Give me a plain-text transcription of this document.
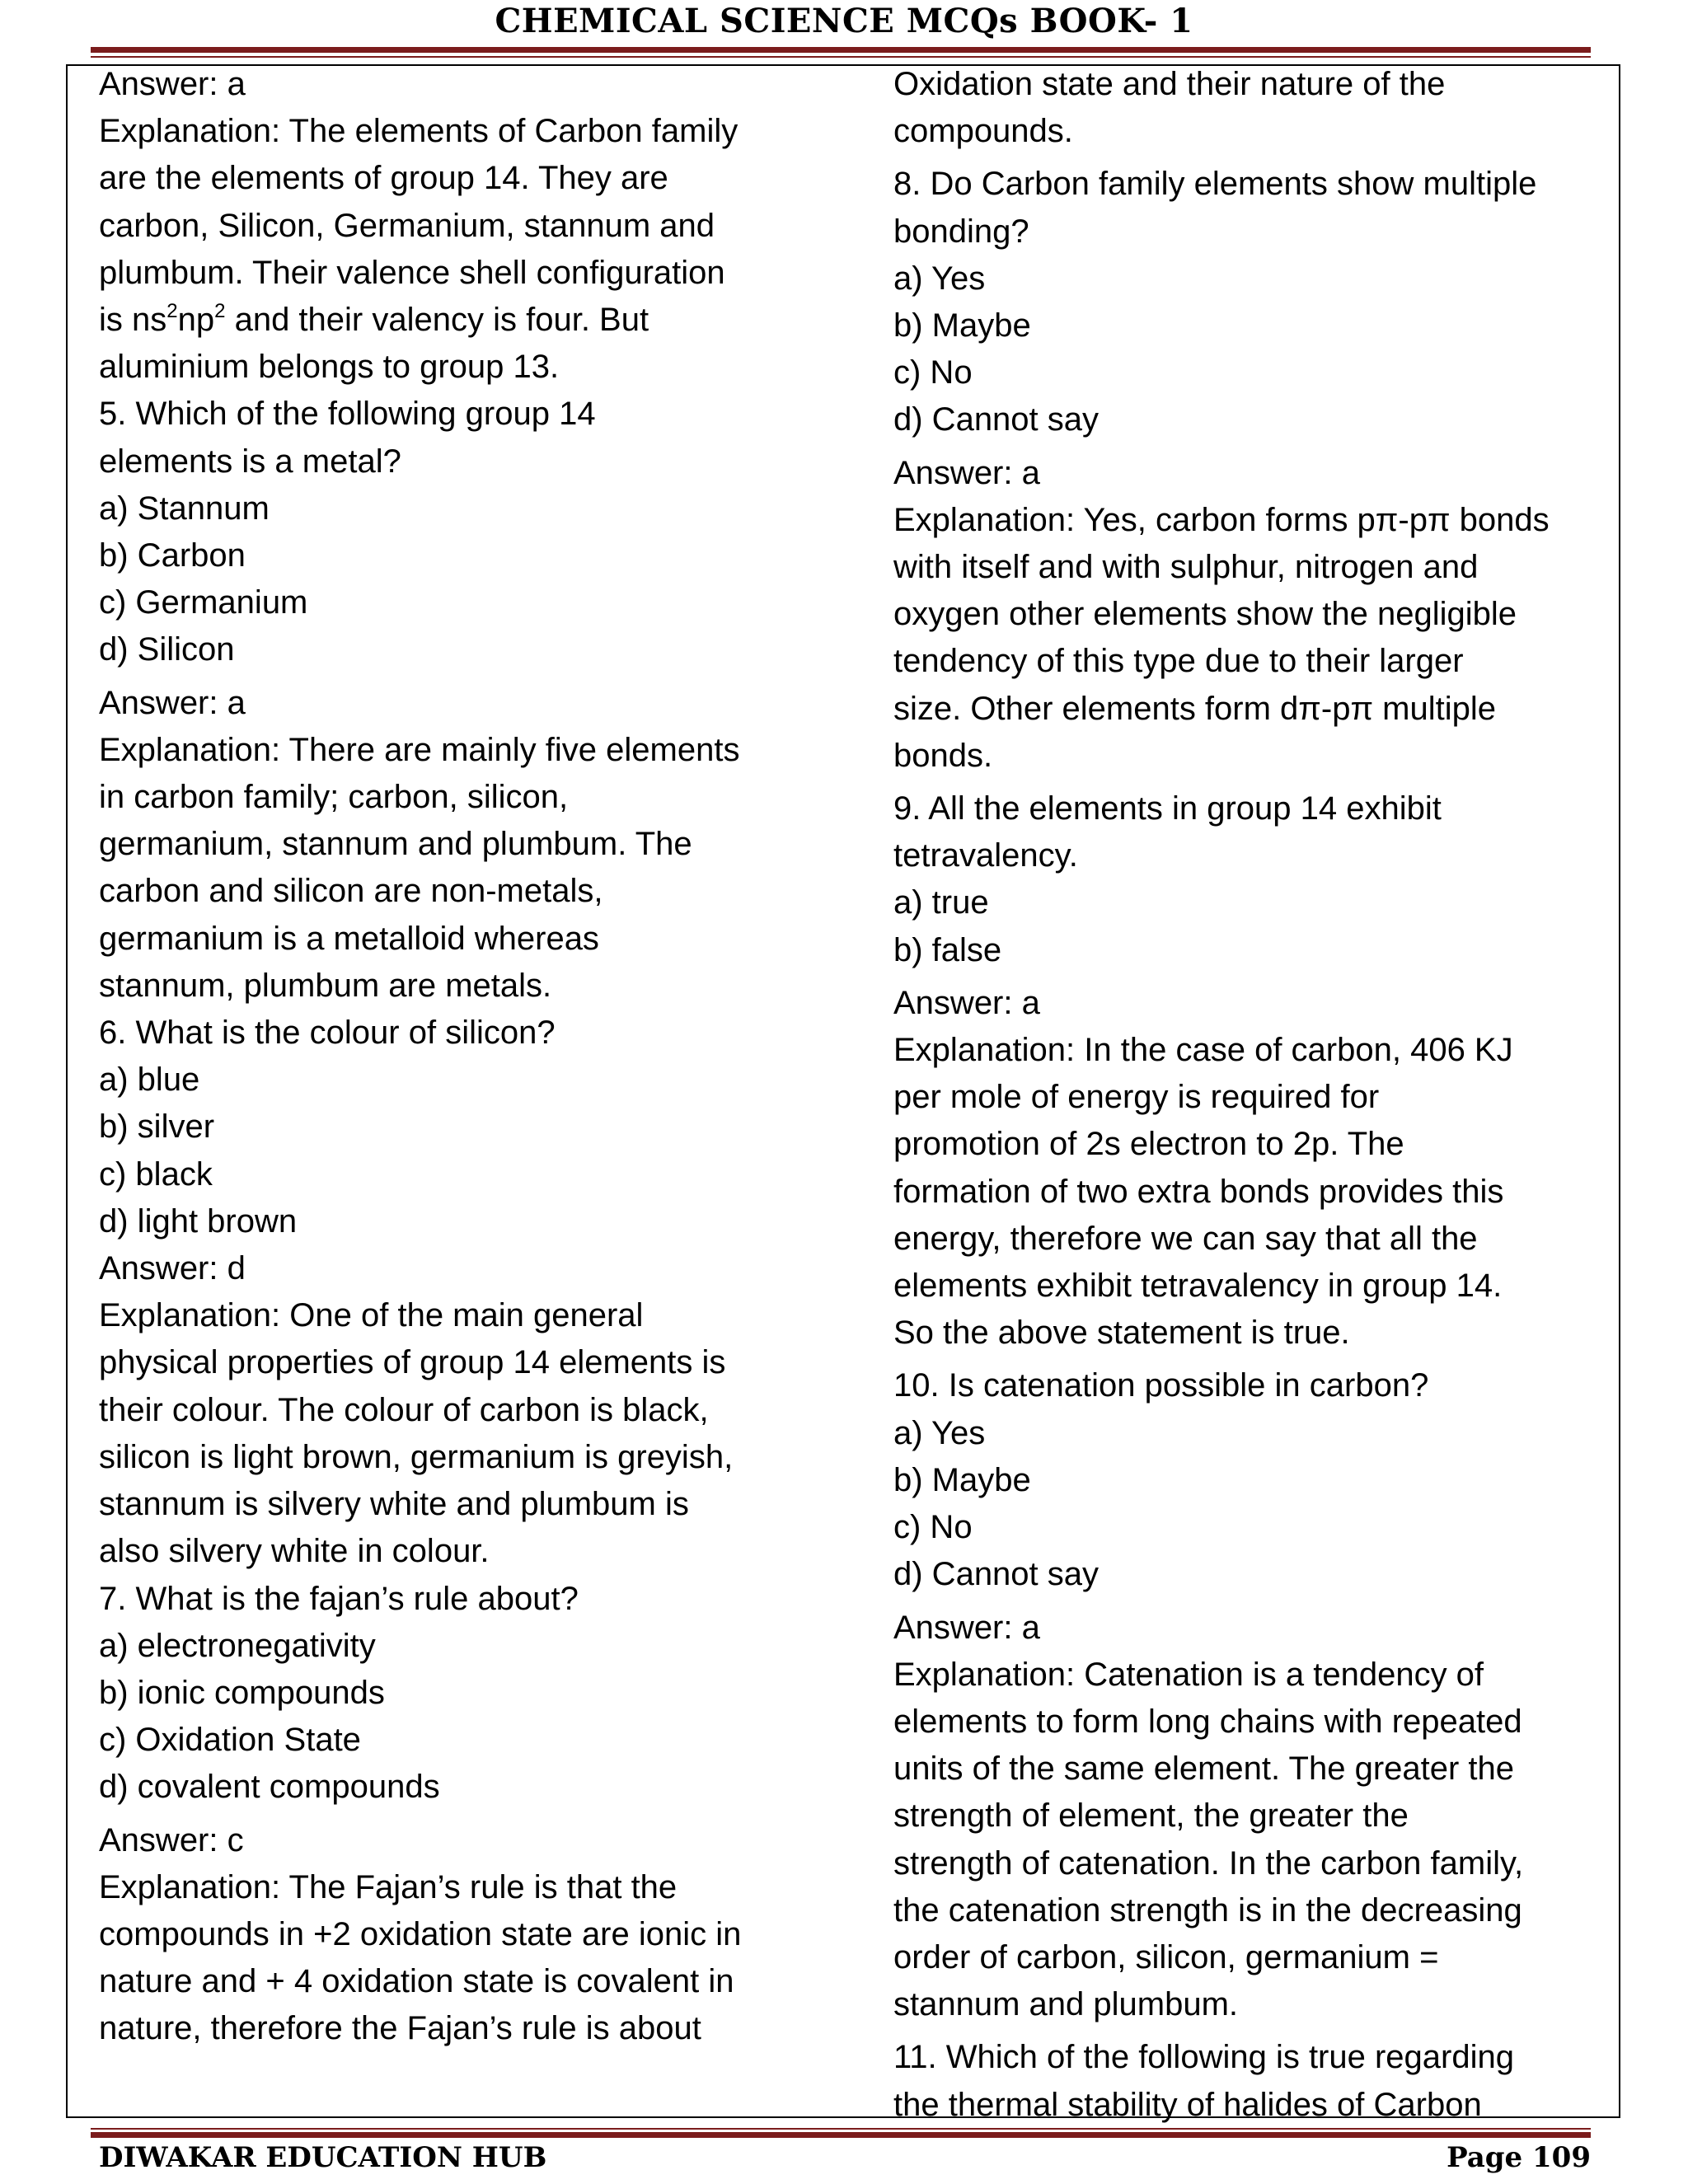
CHEMICAL SCIENCE MCQs BOOK- 1
Answer: a
Explanation: The elements of Carbon family
are the elements of group 14. They are
carbon, Silicon, Germanium, stannum and
plumbum. Their valence shell configuration
is $ns^2np^2$ and their valency is four. But
aluminium belongs to group 13.
5. Which of the following group 14
elements is a metal?
a) Stannum
b) Carbon
c) Germanium
d) Silicon
Answer: a
Explanation: There are mainly five elements
in carbon family; carbon, silicon,
germanium, stannum and plumbum. The
carbon and silicon are non-metals,
germanium is a metalloid whereas
stannum, plumbum are metals.
6. What is the colour of silicon?
a) blue
b) silver
c) black
d) light brown
Answer: d
Explanation: One of the main general
physical properties of group 14 elements is
their colour. The colour of carbon is black,
silicon is light brown, germanium is greyish,
stannum is silvery white and plumbum is
also silvery white in colour.
7. What is the fajan’s rule about?
a) electronegativity
b) ionic compounds
c) Oxidation State
d) covalent compounds
Answer: c
Explanation: The Fajan’s rule is that the
compounds in +2 oxidation state are ionic in
nature and + 4 oxidation state is covalent in
nature, therefore the Fajan’s rule is about
Oxidation state and their nature of the
compounds.
8. Do Carbon family elements show multiple
bonding?
a) Yes
b) Maybe
c) No
d) Cannot say
Answer: a
Explanation: Yes, carbon forms pπ-pπ bonds
with itself and with sulphur, nitrogen and
oxygen other elements show the negligible
tendency of this type due to their larger
size. Other elements form dπ-pπ multiple
bonds.
9. All the elements in group 14 exhibit
tetravalency.
a) true
b) false
Answer: a
Explanation: In the case of carbon, 406 KJ
per mole of energy is required for
promotion of 2s electron to 2p. The
formation of two extra bonds provides this
energy, therefore we can say that all the
elements exhibit tetravalency in group 14.
So the above statement is true.
10. Is catenation possible in carbon?
a) Yes
b) Maybe
c) No
d) Cannot say
Answer: a
Explanation: Catenation is a tendency of
elements to form long chains with repeated
units of the same element. The greater the
strength of element, the greater the
strength of catenation. In the carbon family,
the catenation strength is in the decreasing
order of carbon, silicon, germanium =
stannum and plumbum.
11. Which of the following is true regarding
the thermal stability of halides of Carbon
DIWAKAR EDUCATION HUB	Page 109
